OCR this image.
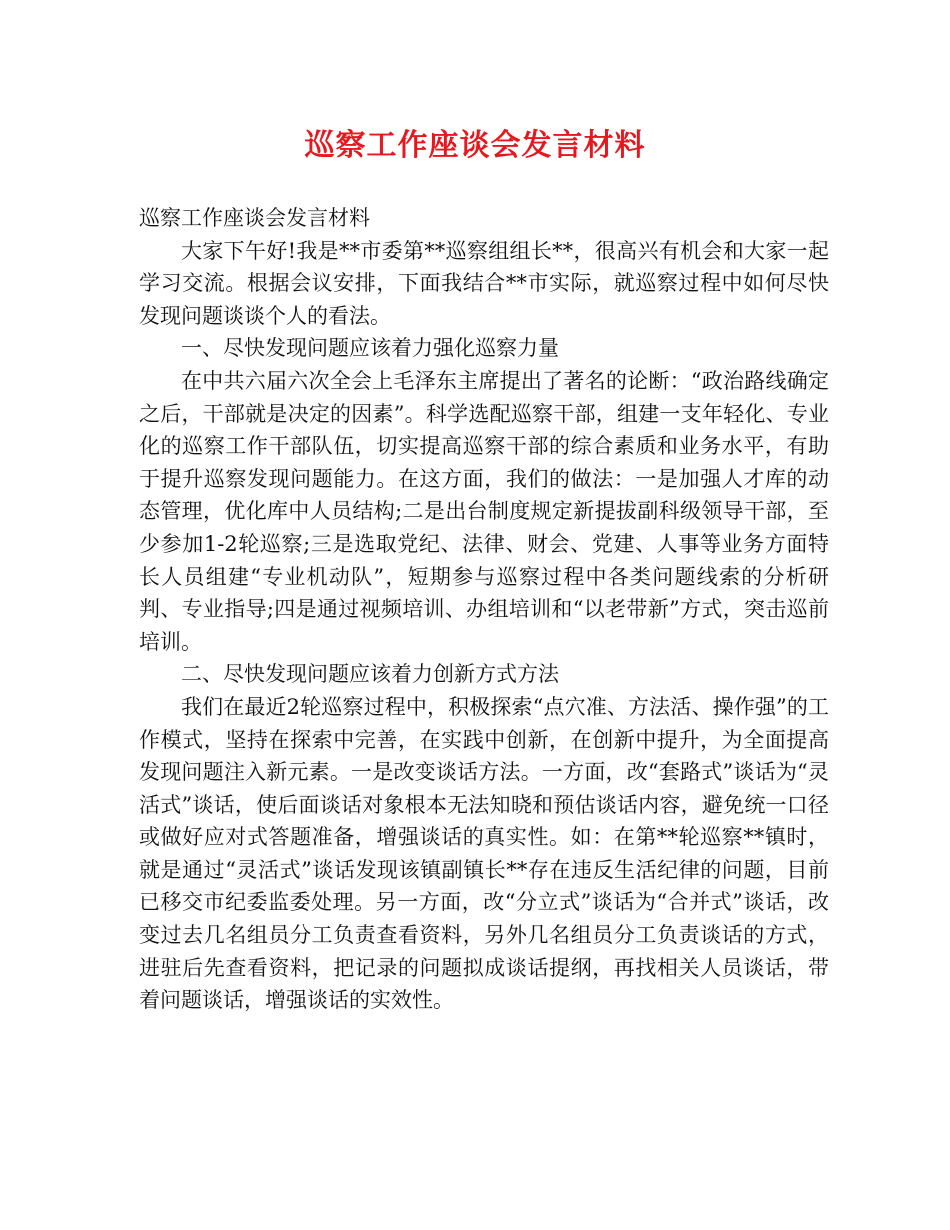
巡察工作座谈会发言材料

巡察工作座谈会发言材料

大家下午好!我是**市委第**巡察组组长**，很高兴有机会和大家一起学习交流。根据会议安排，下面我结合**市实际，就巡察过程中如何尽快发现问题谈谈个人的看法。

一、尽快发现问题应该着力强化巡察力量

在中共六届六次全会上毛泽东主席提出了著名的论断：“政治路线确定之后，干部就是决定的因素”。科学选配巡察干部，组建一支年轻化、专业化的巡察工作干部队伍，切实提高巡察干部的综合素质和业务水平，有助于提升巡察发现问题能力。在这方面，我们的做法：一是加强人才库的动态管理，优化库中人员结构;二是出台制度规定新提拔副科级领导干部，至少参加1-2轮巡察;三是选取党纪、法律、财会、党建、人事等业务方面特长人员组建“专业机动队”，短期参与巡察过程中各类问题线索的分析研判、专业指导;四是通过视频培训、办组培训和“以老带新”方式，突击巡前培训。

二、尽快发现问题应该着力创新方式方法

我们在最近2轮巡察过程中，积极探索“点穴准、方法活、操作强”的工作模式，坚持在探索中完善，在实践中创新，在创新中提升，为全面提高发现问题注入新元素。一是改变谈话方法。一方面，改“套路式”谈话为“灵活式”谈话，使后面谈话对象根本无法知晓和预估谈话内容，避免统一口径或做好应对式答题准备，增强谈话的真实性。如：在第**轮巡察**镇时，就是通过“灵活式”谈话发现该镇副镇长**存在违反生活纪律的问题，目前已移交市纪委监委处理。另一方面，改“分立式”谈话为“合并式”谈话，改变过去几名组员分工负责查看资料，另外几名组员分工负责谈话的方式，进驻后先查看资料，把记录的问题拟成谈话提纲，再找相关人员谈话，带着问题谈话，增强谈话的实效性。
